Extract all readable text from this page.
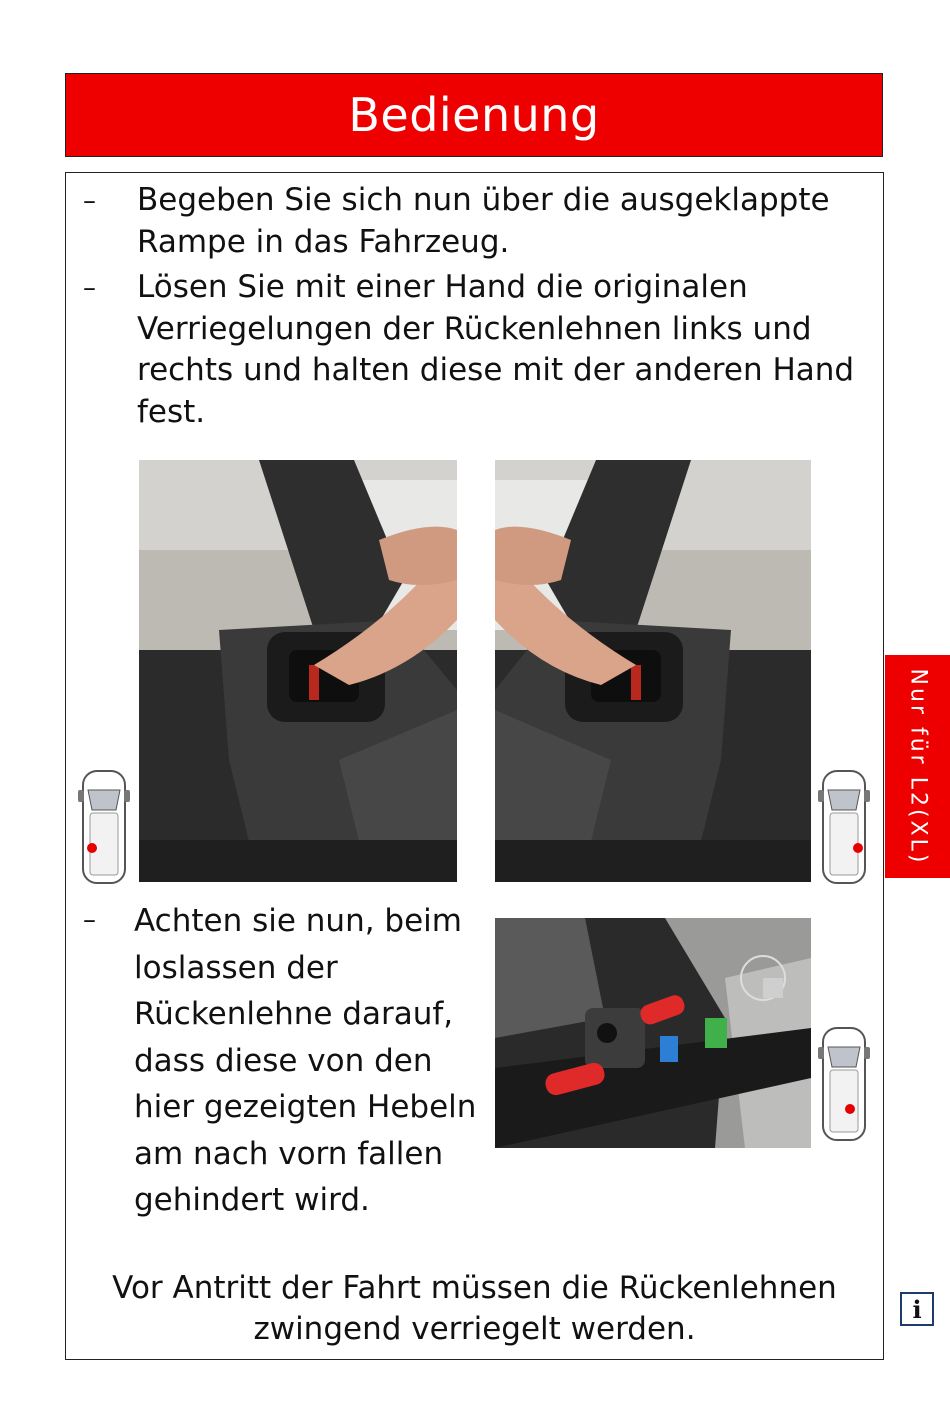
Bedienung
– Begeben Sie sich nun über die ausgeklappte
Rampe in das Fahrzeug.
– Lösen Sie mit einer Hand die originalen
Verriegelungen der Rückenlehnen links und
rechts und halten diese mit der anderen Hand
fest.
– Achten sie nun, beim
loslassen der
Rückenlehne darauf,
dass diese von den
hier gezeigten Hebeln
am nach vorn fallen
gehindert wird.
Nur für L2(XL)
Vor Antritt der Fahrt müssen die Rückenlehnen
zwingend verriegelt werden.
i
